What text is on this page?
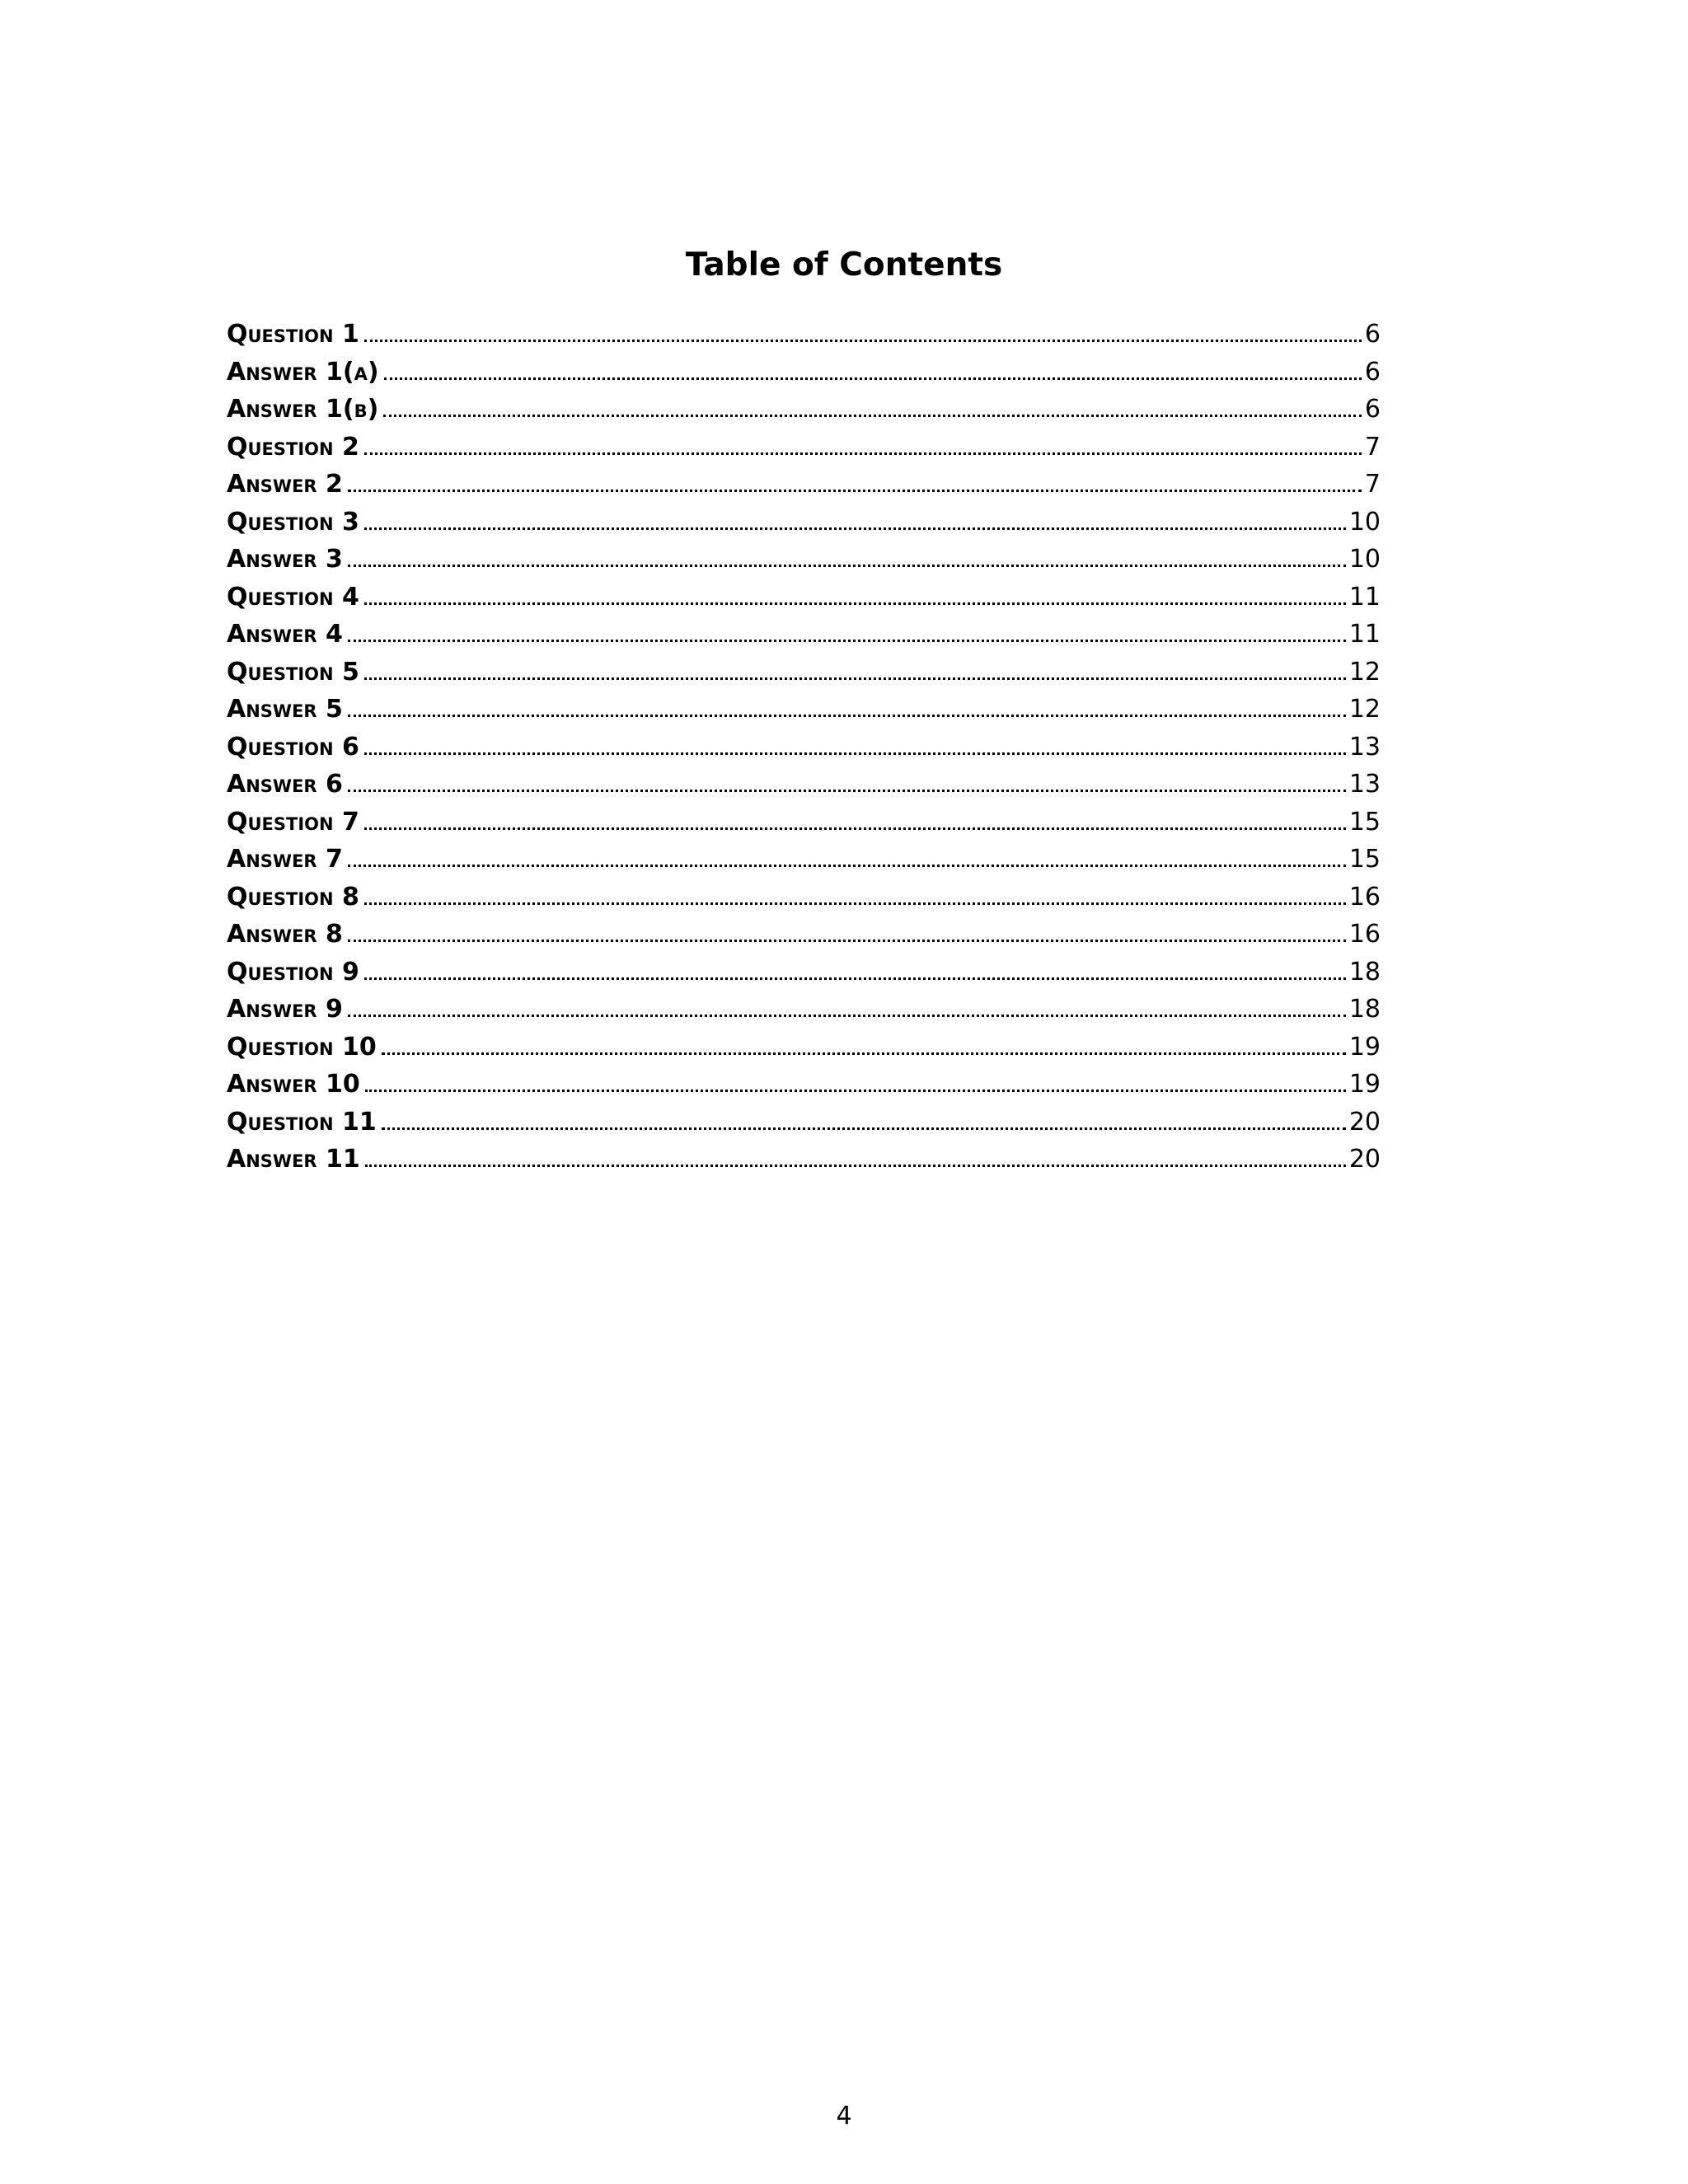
Table of Contents
Question 1	6
Answer 1(a)	6
Answer 1(b)	6
Question 2	7
Answer 2	7
Question 3	10
Answer 3	10
Question 4	11
Answer 4	11
Question 5	12
Answer 5	12
Question 6	13
Answer 6	13
Question 7	15
Answer 7	15
Question 8	16
Answer 8	16
Question 9	18
Answer 9	18
Question 10	19
Answer 10	19
Question 11	20
Answer 11	20
4
